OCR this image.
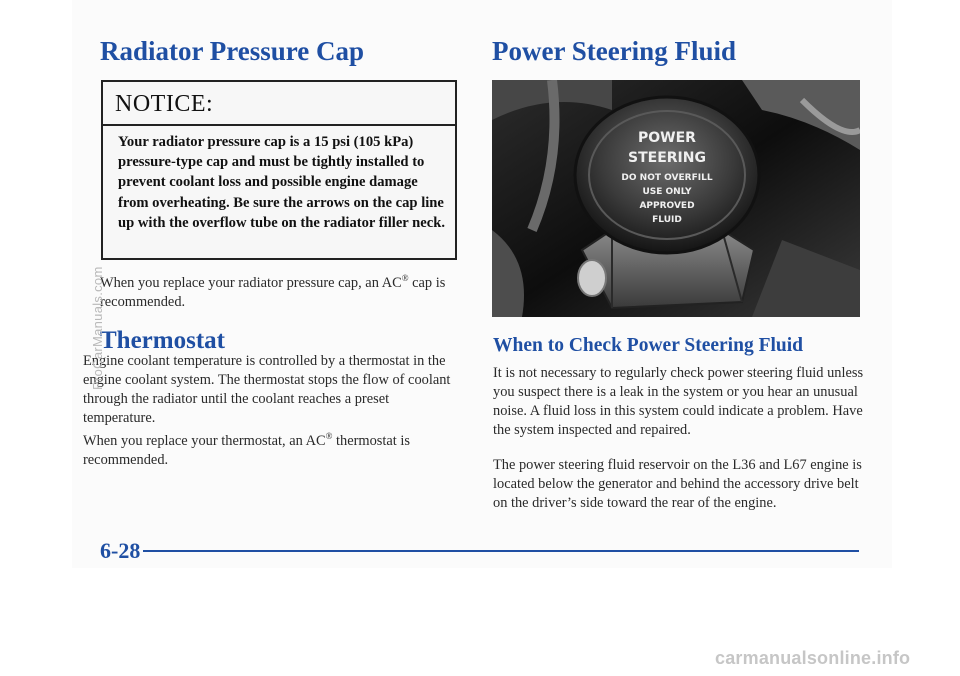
Radiator Pressure Cap
NOTICE:
Your radiator pressure cap is a 15 psi (105 kPa) pressure-type cap and must be tightly installed to prevent coolant loss and possible engine damage from overheating. Be sure the arrows on the cap line up with the overflow tube on the radiator filler neck.
When you replace your radiator pressure cap, an AC® cap is recommended.
Thermostat
Engine coolant temperature is controlled by a thermostat in the engine coolant system. The thermostat stops the flow of coolant through the radiator until the coolant reaches a preset temperature.
When you replace your thermostat, an AC® thermostat is recommended.
Power Steering Fluid
POWER
STEERING
DO NOT OVERFILL
USE ONLY
APPROVED
FLUID
When to Check Power Steering Fluid
It is not necessary to regularly check power steering fluid unless you suspect there is a leak in the system or you hear an unusual noise. A fluid loss in this system could indicate a problem. Have the system inspected and repaired.
The power steering fluid reservoir on the L36 and L67 engine is located below the generator and behind the accessory drive belt on the driver’s side toward the rear of the engine.
6-28
ProCarManuals.com
carmanualsonline.info
